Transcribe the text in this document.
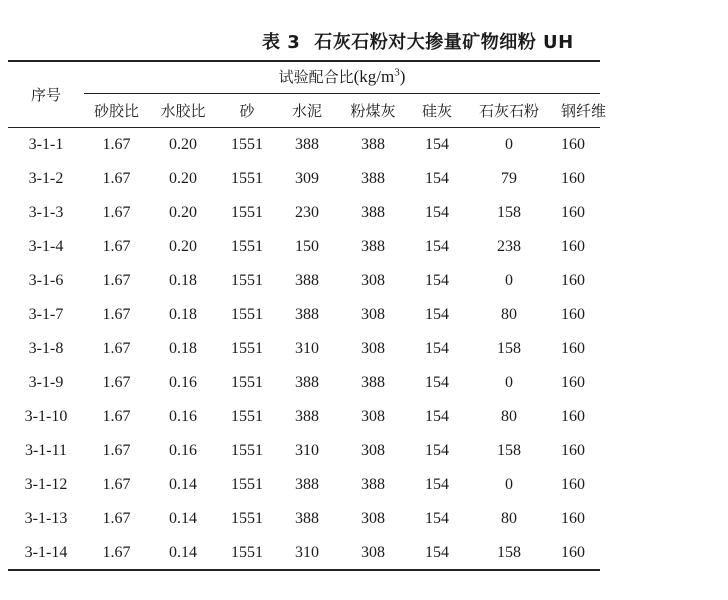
表 3 石灰石粉对大掺量矿物细粉 UH
序号
试验配合比$(kg/m^3)$
砂胶比	水胶比	砂	水泥	粉煤灰	硅灰	石灰石粉	钢纤维
3-1-1	1.67	0.20	1551	388	388	154	0	160
3-1-2	1.67	0.20	1551	309	388	154	79	160
3-1-3	1.67	0.20	1551	230	388	154	158	160
3-1-4	1.67	0.20	1551	150	388	154	238	160
3-1-6	1.67	0.18	1551	388	308	154	0	160
3-1-7	1.67	0.18	1551	388	308	154	80	160
3-1-8	1.67	0.18	1551	310	308	154	158	160
3-1-9	1.67	0.16	1551	388	388	154	0	160
3-1-10	1.67	0.16	1551	388	308	154	80	160
3-1-11	1.67	0.16	1551	310	308	154	158	160
3-1-12	1.67	0.14	1551	388	388	154	0	160
3-1-13	1.67	0.14	1551	388	308	154	80	160
3-1-14	1.67	0.14	1551	310	308	154	158	160
